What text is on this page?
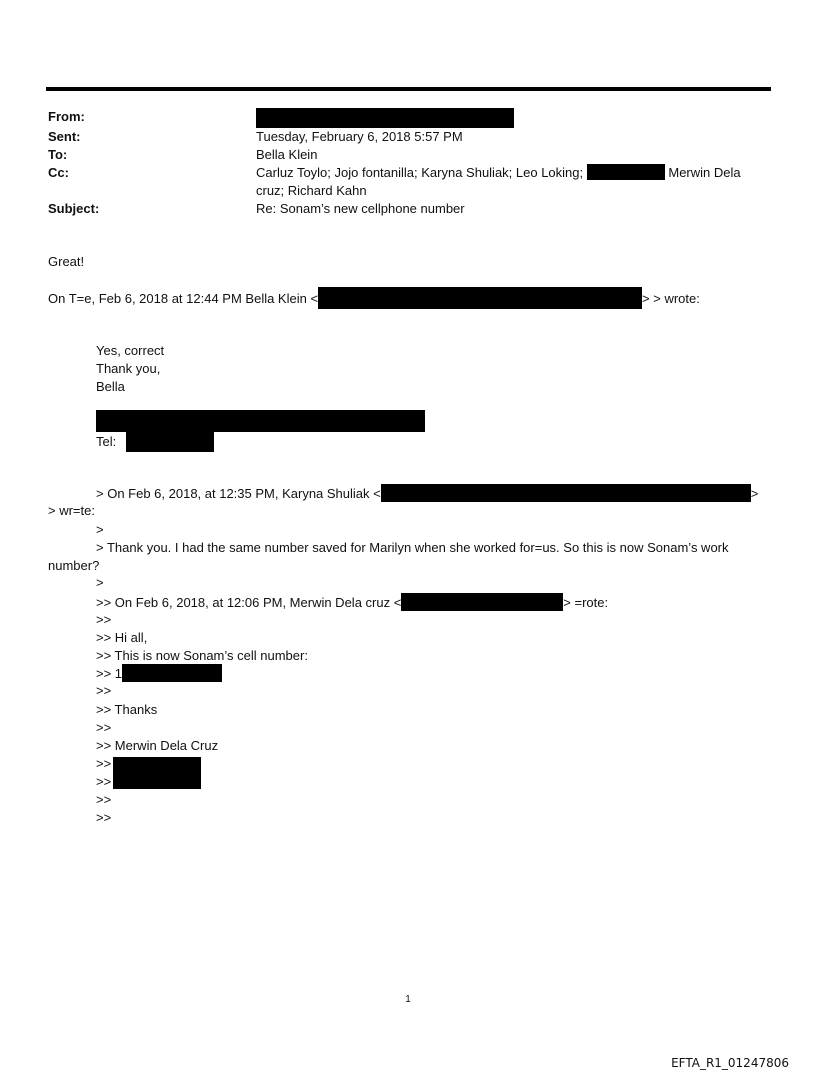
From:
Sent:	Tuesday, February 6, 2018 5:57 PM
To:	Bella Klein
Cc:	Carluz Toylo; Jojo fontanilla; Karyna Shuliak; Leo Loking;	Merwin Dela
cruz; Richard Kahn
Subject:	Re: Sonam’s new cellphone number
Great!
On T=e, Feb 6, 2018 at 12:44 PM Bella Klein <	> > wrote:
Yes, correct
Thank you,
Bella
Tel:
> On Feb 6, 2018, at 12:35 PM, Karyna Shuliak <	>
> wr=te:
>
> Thank you. I had the same number saved for Marilyn when she worked for=us. So this is now Sonam’s work
number?
>
>> On Feb 6, 2018, at 12:06 PM, Merwin Dela cruz <	> =rote:
>>
>> Hi all,
>> This is now Sonam’s cell number:
>> 1
>>
>> Thanks
>>
>> Merwin Dela Cruz
>>
>>
>>
>>
1
EFTA_R1_01247806
